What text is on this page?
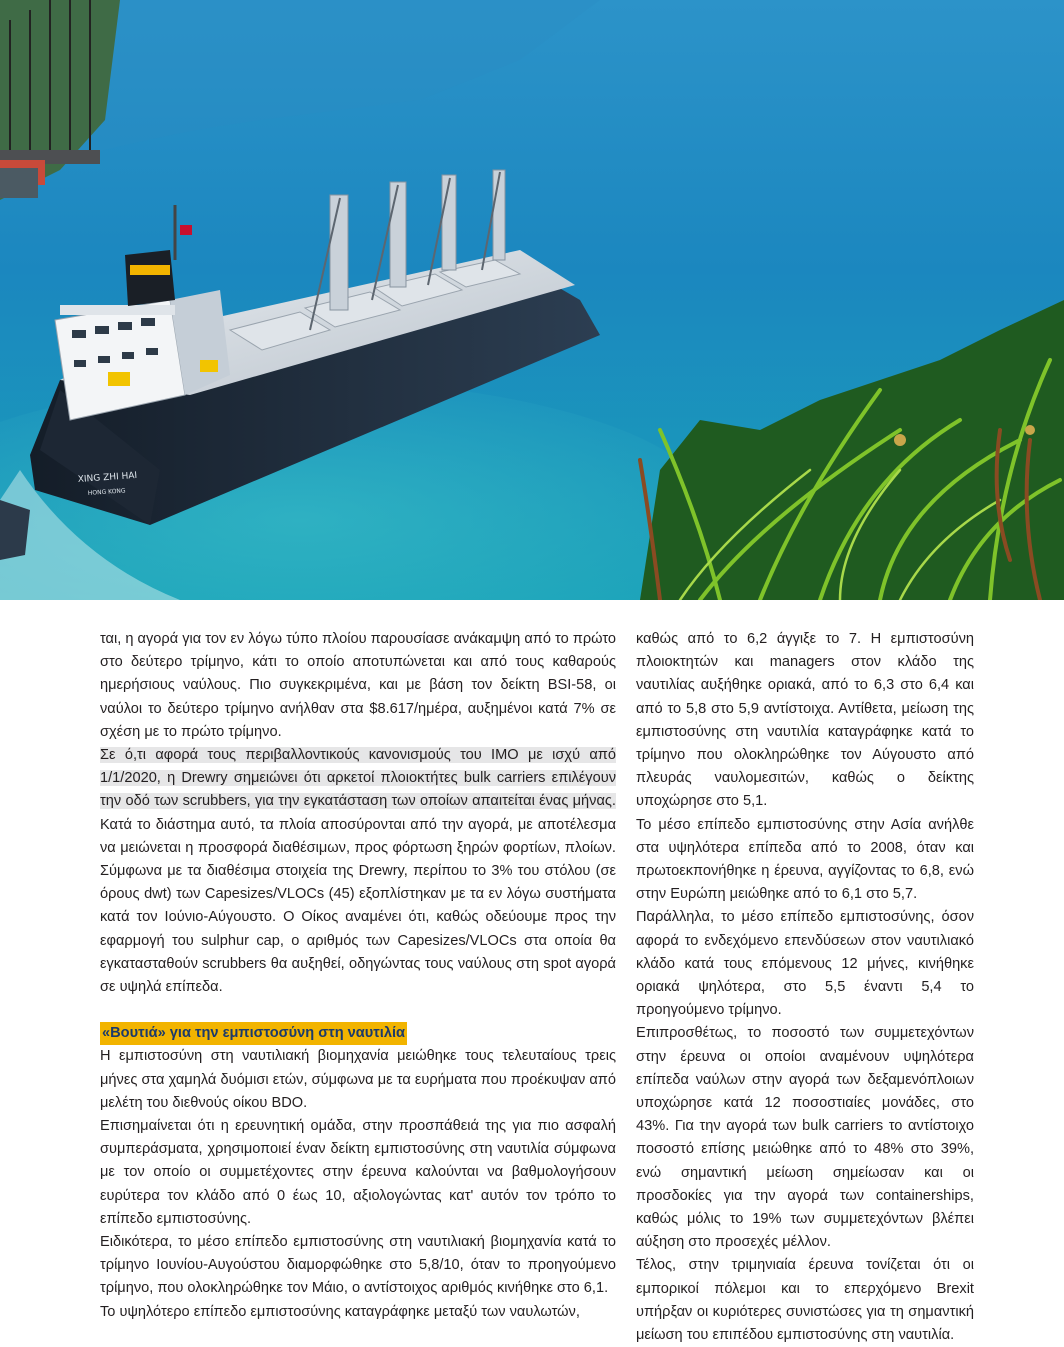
XING ZHI HAI
HONG KONG

ται, η αγορά για τον εν λόγω τύπο πλοίου παρουσίασε ανάκαμψη από το πρώτο στο δεύτερο τρίμηνο, κάτι το οποίο αποτυπώνεται και από τους καθαρούς ημερήσιους ναύλους. Πιο συγκεκριμένα, και με βάση τον δείκτη BSI-58, οι ναύλοι το δεύτερο τρίμηνο ανήλθαν στα $8.617/ημέρα, αυξημένοι κατά 7% σε σχέση με το πρώτο τρίμηνο.

Σε ό,τι αφορά τους περιβαλλοντικούς κανονισμούς του IMO με ισχύ από 1/1/2020, η Drewry σημειώνει ότι αρκετοί πλοιοκτήτες bulk carriers επιλέγουν την οδό των scrubbers, για την εγκατάσταση των οποίων απαιτείται ένας μήνας. Κατά το διάστημα αυτό, τα πλοία αποσύρονται από την αγορά, με αποτέλεσμα να μειώνεται η προσφορά διαθέσιμων, προς φόρτωση ξηρών φορτίων, πλοίων. Σύμφωνα με τα διαθέσιμα στοιχεία της Drewry, περίπου το 3% του στόλου (σε όρους dwt) των Capesizes/VLOCs (45) εξοπλίστηκαν με τα εν λόγω συστήματα κατά τον Ιούνιο-Αύγουστο. Ο Οίκος αναμένει ότι, καθώς οδεύουμε προς την εφαρμογή του sulphur cap, ο αριθμός των Capesizes/VLOCs στα οποία θα εγκατασταθούν scrubbers θα αυξηθεί, οδηγώντας τους ναύλους στη spot αγορά σε υψηλά επίπεδα.

«Βουτιά» για την εμπιστοσύνη στη ναυτιλία

Η εμπιστοσύνη στη ναυτιλιακή βιομηχανία μειώθηκε τους τελευταίους τρεις μήνες στα χαμηλά δυόμισι ετών, σύμφωνα με τα ευρήματα που προέκυψαν από μελέτη του διεθνούς οίκου BDO.

Επισημαίνεται ότι η ερευνητική ομάδα, στην προσπάθειά της για πιο ασφαλή συμπεράσματα, χρησιμοποιεί έναν δείκτη εμπιστοσύνης στη ναυτιλία σύμφωνα με τον οποίο οι συμμετέχοντες στην έρευνα καλούνται να βαθμολογήσουν ευρύτερα τον κλάδο από 0 έως 10, αξιολογώντας κατ' αυτόν τον τρόπο το επίπεδο εμπιστοσύνης.

Ειδικότερα, το μέσο επίπεδο εμπιστοσύνης στη ναυτιλιακή βιομηχανία κατά το τρίμηνο Ιουνίου-Αυγούστου διαμορφώθηκε στο 5,8/10, όταν το προηγούμενο τρίμηνο, που ολοκληρώθηκε τον Μάιο, ο αντίστοιχος αριθμός κινήθηκε στο 6,1.

Το υψηλότερο επίπεδο εμπιστοσύνης καταγράφηκε μεταξύ των ναυλωτών,

καθώς από το 6,2 άγγιξε το 7. Η εμπιστοσύνη πλοιοκτητών και managers στον κλάδο της ναυτιλίας αυξήθηκε οριακά, από το 6,3 στο 6,4 και από το 5,8 στο 5,9 αντίστοιχα. Αντίθετα, μείωση της εμπιστοσύνης στη ναυτιλία καταγράφηκε κατά το τρίμηνο που ολοκληρώθηκε τον Αύγουστο από πλευράς ναυλομεσιτών, καθώς ο δείκτης υποχώρησε στο 5,1.

Το μέσο επίπεδο εμπιστοσύνης στην Ασία ανήλθε στα υψηλότερα επίπεδα από το 2008, όταν και πρωτοεκπονήθηκε η έρευνα, αγγίζοντας το 6,8, ενώ στην Ευρώπη μειώθηκε από το 6,1 στο 5,7.

Παράλληλα, το μέσο επίπεδο εμπιστοσύνης, όσον αφορά το ενδεχόμενο επενδύσεων στον ναυτιλιακό κλάδο κατά τους επόμενους 12 μήνες, κινήθηκε οριακά ψηλότερα, στο 5,5 έναντι 5,4 το προηγούμενο τρίμηνο.

Επιπροσθέτως, το ποσοστό των συμμετεχόντων στην έρευνα οι οποίοι αναμένουν υψηλότερα επίπεδα ναύλων στην αγορά των δεξαμενόπλοιων υποχώρησε κατά 12 ποσοστιαίες μονάδες, στο 43%. Για την αγορά των bulk carriers το αντίστοιχο ποσοστό επίσης μειώθηκε από το 48% στο 39%, ενώ σημαντική μείωση σημείωσαν και οι προσδοκίες για την αγορά των containerships, καθώς μόλις το 19% των συμμετεχόντων βλέπει αύξηση στο προσεχές μέλλον.

Τέλος, στην τριμηνιαία έρευνα τονίζεται ότι οι εμπορικοί πόλεμοι και το επερχόμενο Brexit υπήρξαν οι κυριότερες συνιστώσες για τη σημαντική μείωση του επιπέδου εμπιστοσύνης στη ναυτιλία.
